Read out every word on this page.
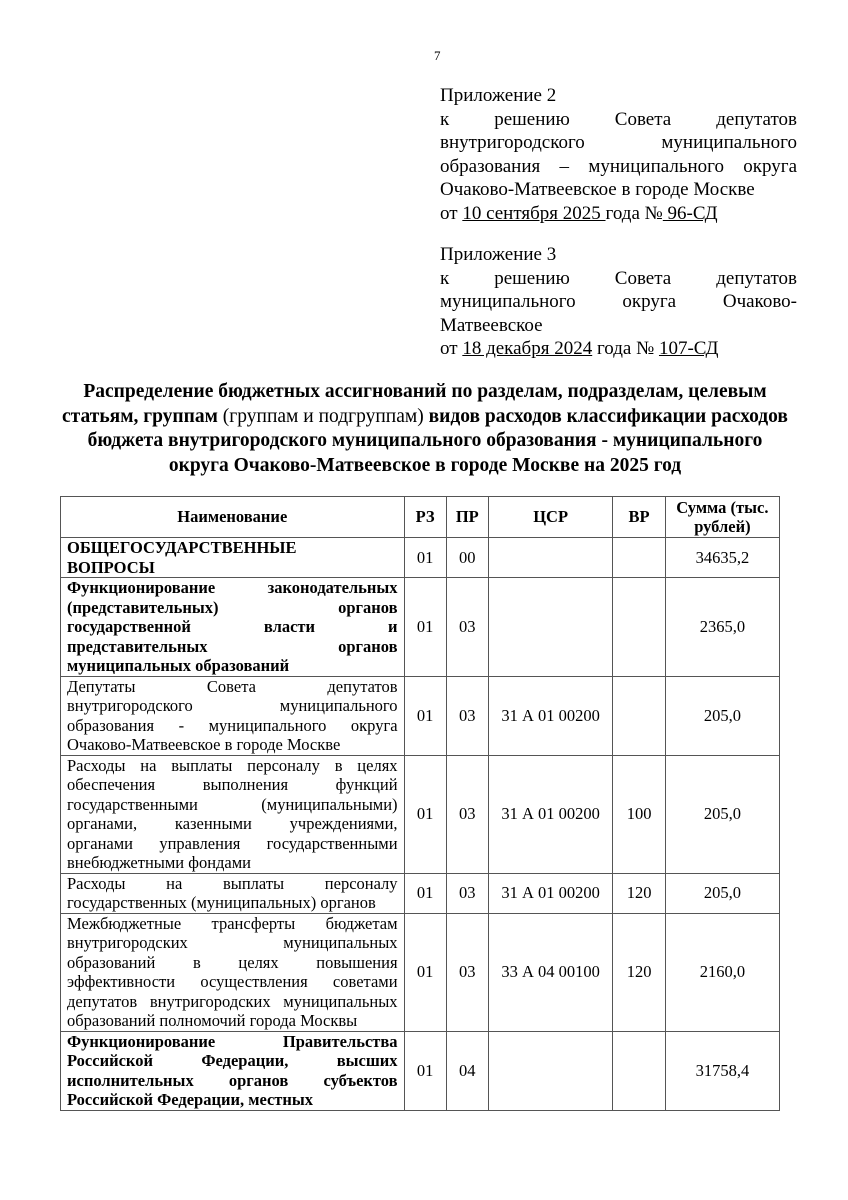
7
Приложение 2
к решению Совета депутатов
внутригородского муниципального
образования – муниципального округа
Очаково-Матвеевское в городе Москве
от 10 сентября 2025 года № 96-СД
Приложение 3
к решению Совета депутатов
муниципального округа Очаково-
Матвеевское
от 18 декабря 2024 года № 107-СД
Распределение бюджетных ассигнований по разделам, подразделам, целевым статьям, группам (группам и подгруппам) видов расходов классификации расходов бюджета внутригородского муниципального образования - муниципального округа Очаково-Матвеевское в городе Москве на 2025 год
Наименование	РЗ	ПР	ЦСР	ВР	Сумма (тыс. рублей)

ОБЩЕГОСУДАРСТВЕННЫЕ
ВОПРОСЫ	01	00			34635,2

Функционирование законодательных
(представительных) органов
государственной власти и
представительных органов
муниципальных образований	01	03			2365,0

Депутаты Совета депутатов
внутригородского муниципального
образования - муниципального округа
Очаково-Матвеевское в городе Москве	01	03	31 А 01 00200		205,0

Расходы на выплаты персоналу в целях
обеспечения выполнения функций
государственными (муниципальными)
органами, казенными учреждениями,
органами управления государственными
внебюджетными фондами
	01	03	31 А 01 00200	100	205,0

Расходы на выплаты персоналу
государственных (муниципальных) органов	01	03	31 А 01 00200	120	205,0

Межбюджетные трансферты бюджетам
внутригородских муниципальных
образований в целях повышения
эффективности осуществления советами
депутатов внутригородских муниципальных
образований полномочий города Москвы
	01	03	33 А 04 00100	120	2160,0

Функционирование Правительства
Российской Федерации, высших
исполнительных органов субъектов
Российской Федерации, местных	01	04			31758,4
